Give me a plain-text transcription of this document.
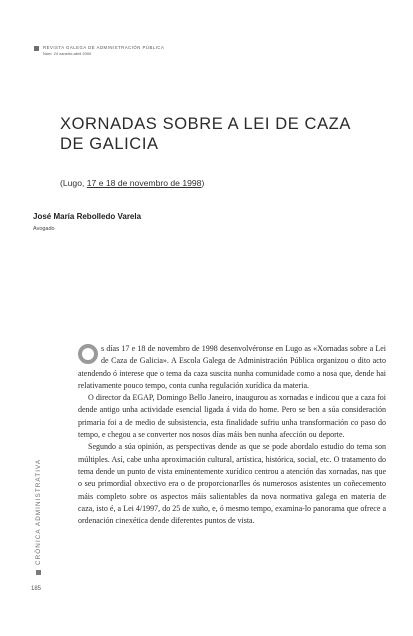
REVISTA GALEGA DE ADMINISTRACIÓN PÚBLICA
Núm. 24 xaneiro-abril 2000
XORNADAS SOBRE A LEI DE CAZA
DE GALICIA
(Lugo, 17 e 18 de novembro de 1998)
José María Rebolledo Varela
Avogado

s días 17 e 18 de novembro de 1998 desenvolvéronse en Lugo as «Xornadas sobre a Lei de Caza de Galicia». A Escola Galega de Administración Pública organizou o dito acto atendendo ó interese que o tema da caza suscita nunha comunidade como a nosa que, dende hai relativamente pouco tempo, conta cunha regulación xurídica da materia.

O director da EGAP, Domingo Bello Janeiro, inaugurou as xornadas e indicou que a caza foi dende antigo unha actividade esencial ligada á vida do home. Pero se ben a súa consideración primaria foi a de medio de subsistencia, esta finalidade sufriu unha transformación co paso do tempo, e chegou a se converter nos nosos días máis ben nunha afección ou deporte.

Segundo a súa opinión, as perspectivas dende as que se pode abordalo estudio do tema son múltiples. Así, cabe unha aproximación cultural, artística, histórica, social, etc. O tratamento do tema dende un punto de vista eminentemente xurídico centrou a atención das xornadas, nas que o seu primordial obxectivo era o de proporcionarlles ós numerosos asistentes un coñecemento máis completo sobre os aspectos máis salientables da nova normativa galega en materia de caza, isto é, a Lei 4/1997, do 25 de xuño, e, ó mesmo tempo, examina-lo panorama que ofrece a ordenación cinexética dende diferentes puntos de vista.

CRÓNICA ADMINISTRATIVA
185
